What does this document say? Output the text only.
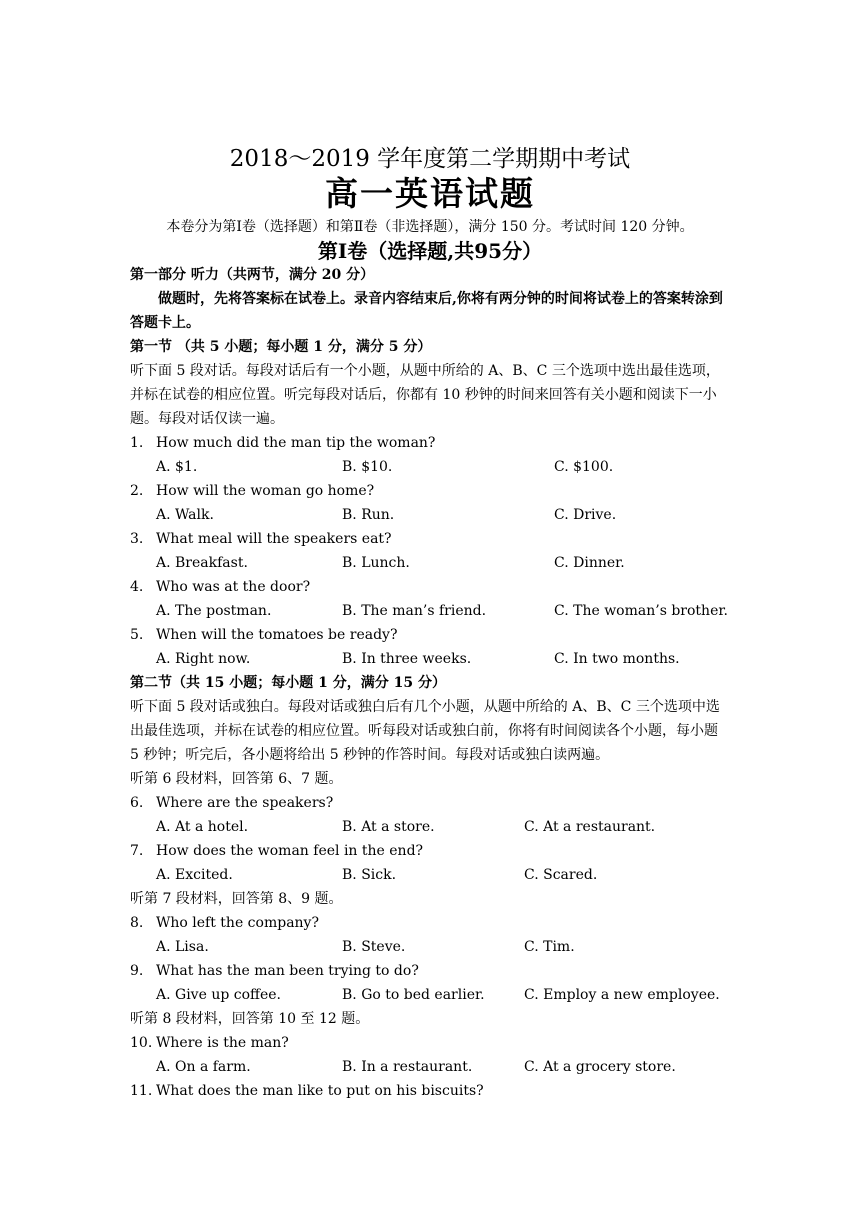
2018～2019 学年度第二学期期中考试
高一英语试题
本卷分为第Ⅰ卷（选择题）和第Ⅱ卷（非选择题），满分 150 分。考试时间 120 分钟。
第Ⅰ卷（选择题,共95分）

第一部分 听力（共两节，满分 20 分）

做题时，先将答案标在试卷上。录音内容结束后,你将有两分钟的时间将试卷上的答案转涂到答题卡上。

第一节 （共 5 小题；每小题 1 分，满分 5 分）

听下面 5 段对话。每段对话后有一个小题，从题中所给的 A、B、C 三个选项中选出最佳选项，并标在试卷的相应位置。听完每段对话后，你都有 10 秒钟的时间来回答有关小题和阅读下一小题。每段对话仅读一遍。

1. How much did the man tip the woman?
A. $1.	B. $10.	C. $100.
2. How will the woman go home?
A. Walk.	B. Run.	C. Drive.
3. What meal will the speakers eat?
A. Breakfast.	B. Lunch.	C. Dinner.
4. Who was at the door?
A. The postman.	B. The man’s friend.	C. The woman’s brother.
5. When will the tomatoes be ready?
A. Right now.	B. In three weeks.	C. In two months.

第二节（共 15 小题；每小题 1 分，满分 15 分）

听下面 5 段对话或独白。每段对话或独白后有几个小题，从题中所给的 A、B、C 三个选项中选出最佳选项，并标在试卷的相应位置。听每段对话或独白前，你将有时间阅读各个小题，每小题 5 秒钟；听完后，各小题将给出 5 秒钟的作答时间。每段对话或独白读两遍。

听第 6 段材料，回答第 6、7 题。

6. Where are the speakers?
A. At a hotel.	B. At a store.	C. At a restaurant.
7. How does the woman feel in the end?
A. Excited.	B. Sick.	C. Scared.

听第 7 段材料，回答第 8、9 题。

8. Who left the company?
A. Lisa.	B. Steve.	C. Tim.
9. What has the man been trying to do?
A. Give up coffee.	B. Go to bed earlier.	C. Employ a new employee.

听第 8 段材料，回答第 10 至 12 题。

10. Where is the man?
A. On a farm.	B. In a restaurant.	C. At a grocery store.
11. What does the man like to put on his biscuits?
